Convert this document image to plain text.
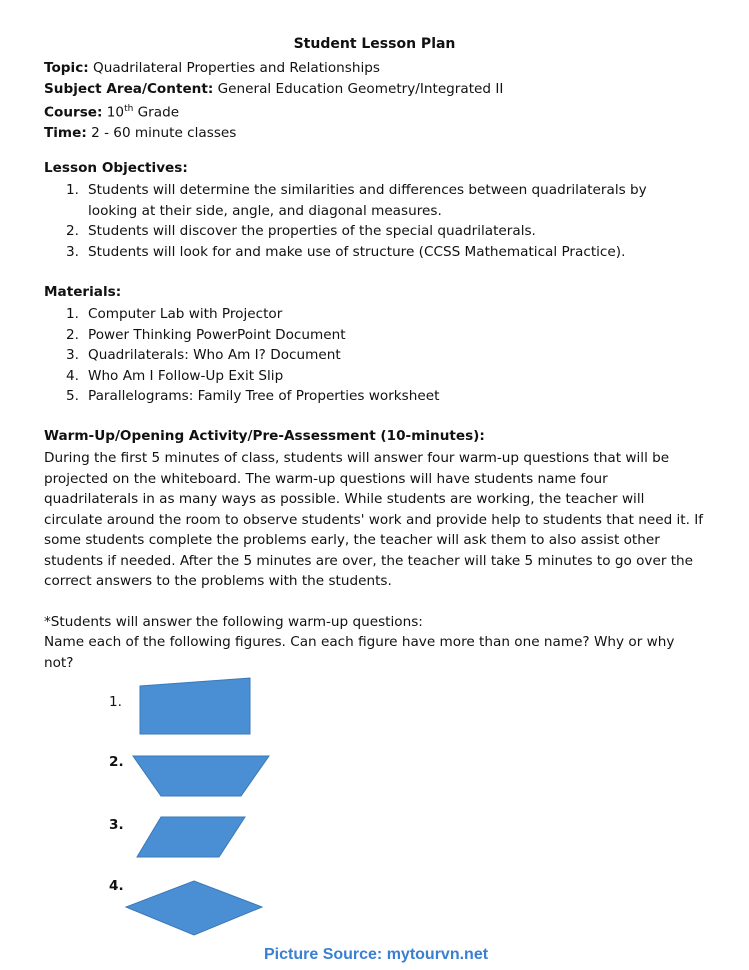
Student Lesson Plan
Topic: Quadrilateral Properties and Relationships
Subject Area/Content: General Education Geometry/Integrated II
Course: 10th Grade
Time: 2 - 60 minute classes
Lesson Objectives:
1. Students will determine the similarities and differences between quadrilaterals by looking at their side, angle, and diagonal measures.
2. Students will discover the properties of the special quadrilaterals.
3. Students will look for and make use of structure (CCSS Mathematical Practice).
Materials:
1. Computer Lab with Projector
2. Power Thinking PowerPoint Document
3. Quadrilaterals: Who Am I? Document
4. Who Am I Follow-Up Exit Slip
5. Parallelograms: Family Tree of Properties worksheet
Warm-Up/Opening Activity/Pre-Assessment (10-minutes):

During the first 5 minutes of class, students will answer four warm-up questions that will be projected on the whiteboard. The warm-up questions will have students name four quadrilaterals in as many ways as possible. While students are working, the teacher will circulate around the room to observe students' work and provide help to students that need it. If some students complete the problems early, the teacher will ask them to also assist other students if needed. After the 5 minutes are over, the teacher will take 5 minutes to go over the correct answers to the problems with the students.

*Students will answer the following warm-up questions:

Name each of the following figures. Can each figure have more than one name? Why or why not?

1.
2.
3.
4.
Picture Source: mytourvn.net
